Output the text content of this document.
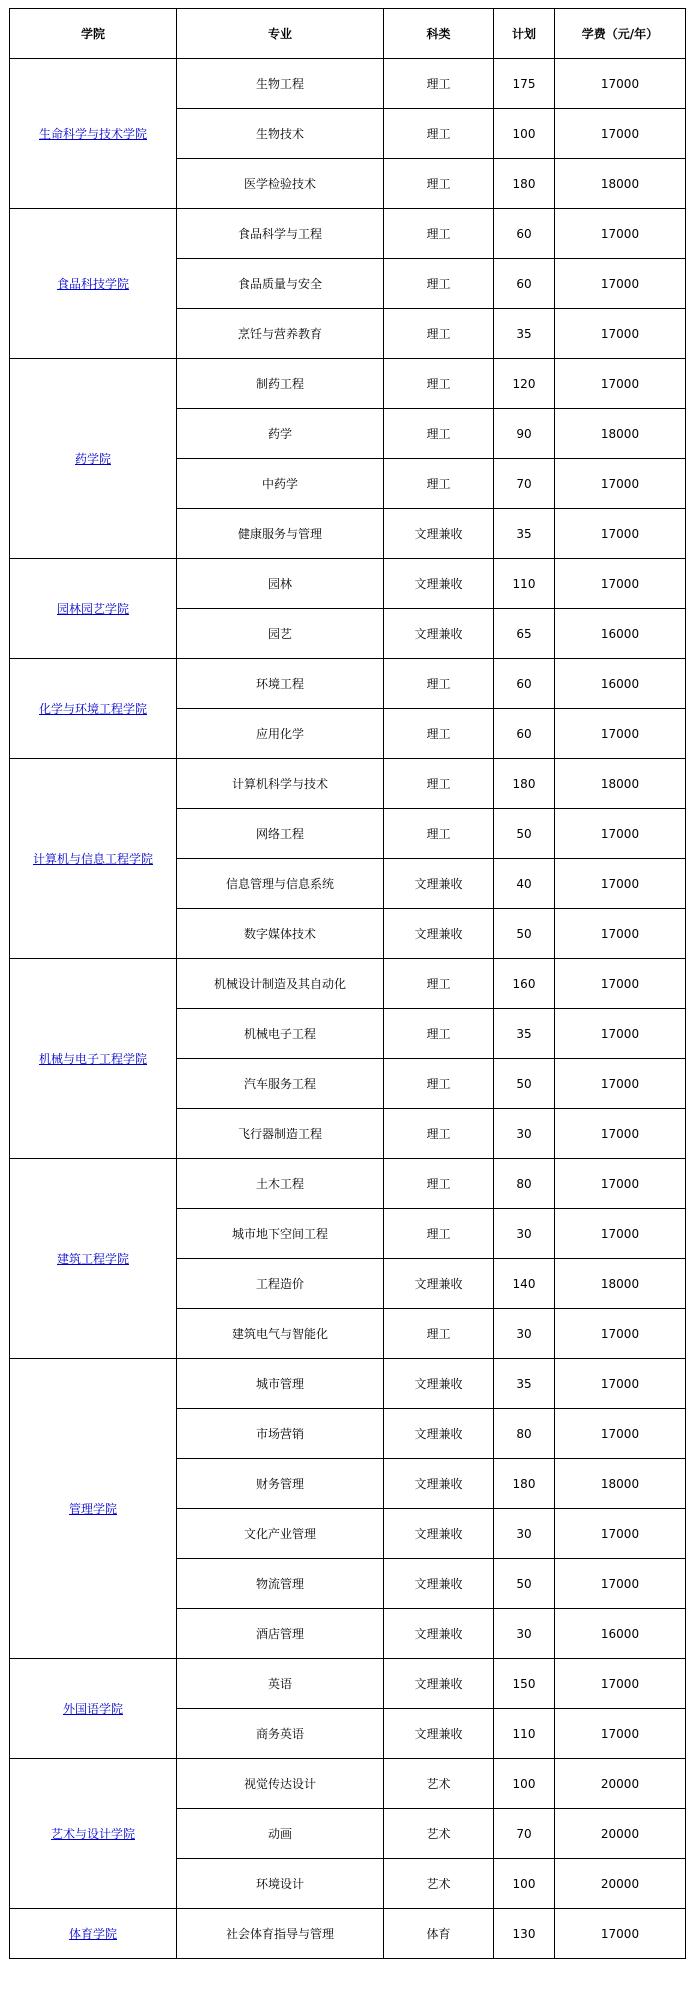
学院	专业	科类	计划	学费（元/年）
生命科学与技术学院	生物工程	理工	175	17000
	生物技术	理工	100	17000
	医学检验技术	理工	180	18000
食品科技学院	食品科学与工程	理工	60	17000
	食品质量与安全	理工	60	17000
	烹饪与营养教育	理工	35	17000
药学院	制药工程	理工	120	17000
	药学	理工	90	18000
	中药学	理工	70	17000
	健康服务与管理	文理兼收	35	17000
园林园艺学院	园林	文理兼收	110	17000
	园艺	文理兼收	65	16000
化学与环境工程学院	环境工程	理工	60	16000
	应用化学	理工	60	17000
计算机与信息工程学院	计算机科学与技术	理工	180	18000
	网络工程	理工	50	17000
	信息管理与信息系统	文理兼收	40	17000
	数字媒体技术	文理兼收	50	17000
机械与电子工程学院	机械设计制造及其自动化	理工	160	17000
	机械电子工程	理工	35	17000
	汽车服务工程	理工	50	17000
	飞行器制造工程	理工	30	17000
建筑工程学院	土木工程	理工	80	17000
	城市地下空间工程	理工	30	17000
	工程造价	文理兼收	140	18000
	建筑电气与智能化	理工	30	17000
管理学院	城市管理	文理兼收	35	17000
	市场营销	文理兼收	80	17000
	财务管理	文理兼收	180	18000
	文化产业管理	文理兼收	30	17000
	物流管理	文理兼收	50	17000
	酒店管理	文理兼收	30	16000
外国语学院	英语	文理兼收	150	17000
	商务英语	文理兼收	110	17000
艺术与设计学院	视觉传达设计	艺术	100	20000
	动画	艺术	70	20000
	环境设计	艺术	100	20000
体育学院	社会体育指导与管理	体育	130	17000
